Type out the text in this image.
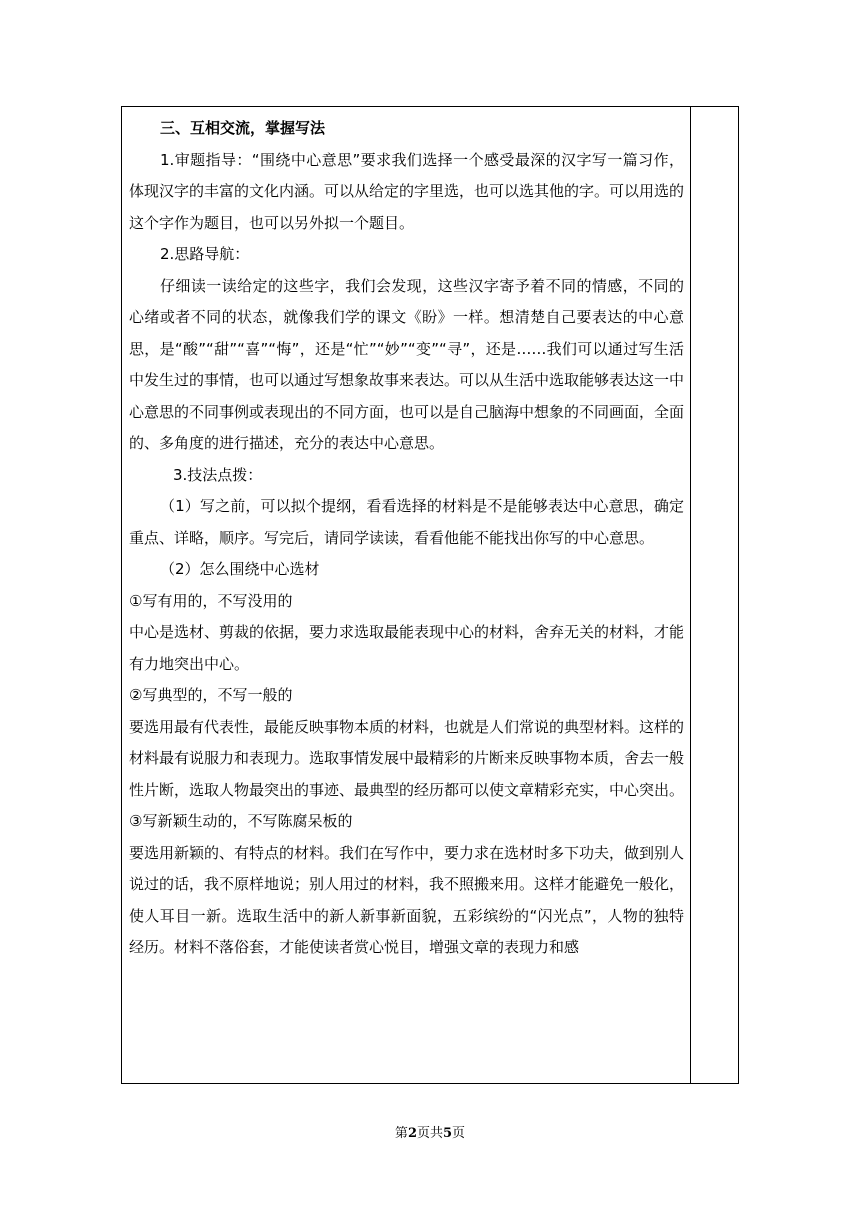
三、互相交流，掌握写法

1.审题指导：“围绕中心意思”要求我们选择一个感受最深的汉字写一篇习作，体现汉字的丰富的文化内涵。可以从给定的字里选，也可以选其他的字。可以用选的这个字作为题目，也可以另外拟一个题目。

2.思路导航：

仔细读一读给定的这些字，我们会发现，这些汉字寄予着不同的情感，不同的心绪或者不同的状态，就像我们学的课文《盼》一样。想清楚自己要表达的中心意思，是“酸”“甜”“喜”“悔”，还是“忙”“妙”“变”“寻”，还是……我们可以通过写生活中发生过的事情，也可以通过写想象故事来表达。可以从生活中选取能够表达这一中心意思的不同事例或表现出的不同方面，也可以是自己脑海中想象的不同画面，全面的、多角度的进行描述，充分的表达中心意思。

3.技法点拨：

（1）写之前，可以拟个提纲，看看选择的材料是不是能够表达中心意思，确定重点、详略，顺序。写完后，请同学读读，看看他能不能找出你写的中心意思。

（2）怎么围绕中心选材

①写有用的，不写没用的

中心是选材、剪裁的依据，要力求选取最能表现中心的材料，舍弃无关的材料，才能有力地突出中心。

②写典型的，不写一般的

要选用最有代表性，最能反映事物本质的材料，也就是人们常说的典型材料。这样的材料最有说服力和表现力。选取事情发展中最精彩的片断来反映事物本质，舍去一般性片断，选取人物最突出的事迹、最典型的经历都可以使文章精彩充实，中心突出。

③写新颖生动的，不写陈腐呆板的

要选用新颖的、有特点的材料。我们在写作中，要力求在选材时多下功夫，做到别人说过的话，我不原样地说；别人用过的材料，我不照搬来用。这样才能避免一般化，使人耳目一新。选取生活中的新人新事新面貌，五彩缤纷的“闪光点”，人物的独特经历。材料不落俗套，才能使读者赏心悦目，增强文章的表现力和感

第2页共5页
